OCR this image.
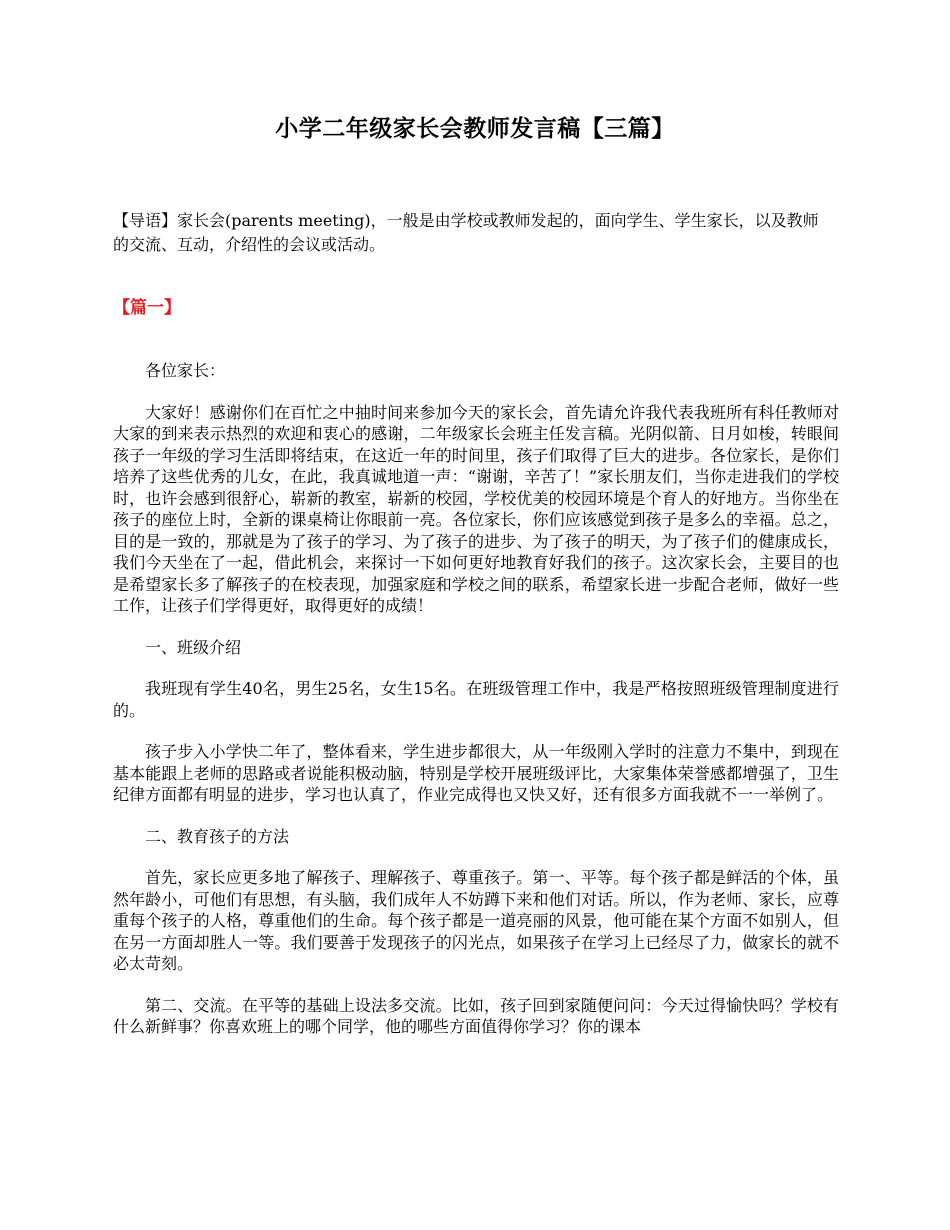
小学二年级家长会教师发言稿【三篇】
【导语】家长会(parents meeting)，一般是由学校或教师发起的，面向学生、学生家长，以及教师的交流、互动，介绍性的会议或活动。
【篇一】

各位家长：

大家好！感谢你们在百忙之中抽时间来参加今天的家长会，首先请允许我代表我班所有科任教师对大家的到来表示热烈的欢迎和衷心的感谢，二年级家长会班主任发言稿。光阴似箭、日月如梭，转眼间孩子一年级的学习生活即将结束，在这近一年的时间里，孩子们取得了巨大的进步。各位家长，是你们培养了这些优秀的儿女，在此，我真诚地道一声：“谢谢，辛苦了！”家长朋友们，当你走进我们的学校时，也许会感到很舒心，崭新的教室，崭新的校园，学校优美的校园环境是个育人的好地方。当你坐在孩子的座位上时，全新的课桌椅让你眼前一亮。各位家长，你们应该感觉到孩子是多么的幸福。总之，目的是一致的，那就是为了孩子的学习、为了孩子的进步、为了孩子的明天，为了孩子们的健康成长，我们今天坐在了一起，借此机会，来探讨一下如何更好地教育好我们的孩子。这次家长会，主要目的也是希望家长多了解孩子的在校表现，加强家庭和学校之间的联系，希望家长进一步配合老师，做好一些工作，让孩子们学得更好，取得更好的成绩！

一、班级介绍

我班现有学生40名，男生25名，女生15名。在班级管理工作中，我是严格按照班级管理制度进行的。

孩子步入小学快二年了，整体看来，学生进步都很大，从一年级刚入学时的注意力不集中，到现在基本能跟上老师的思路或者说能积极动脑，特别是学校开展班级评比，大家集体荣誉感都增强了，卫生纪律方面都有明显的进步，学习也认真了，作业完成得也又快又好，还有很多方面我就不一一举例了。

二、教育孩子的方法

首先，家长应更多地了解孩子、理解孩子、尊重孩子。第一、平等。每个孩子都是鲜活的个体，虽然年龄小，可他们有思想，有头脑，我们成年人不妨蹲下来和他们对话。所以，作为老师、家长，应尊重每个孩子的人格，尊重他们的生命。每个孩子都是一道亮丽的风景，他可能在某个方面不如别人，但在另一方面却胜人一等。我们要善于发现孩子的闪光点，如果孩子在学习上已经尽了力，做家长的就不必太苛刻。

第二、交流。在平等的基础上设法多交流。比如，孩子回到家随便问问：今天过得愉快吗？学校有什么新鲜事？你喜欢班上的哪个同学，他的哪些方面值得你学习？你的课本
